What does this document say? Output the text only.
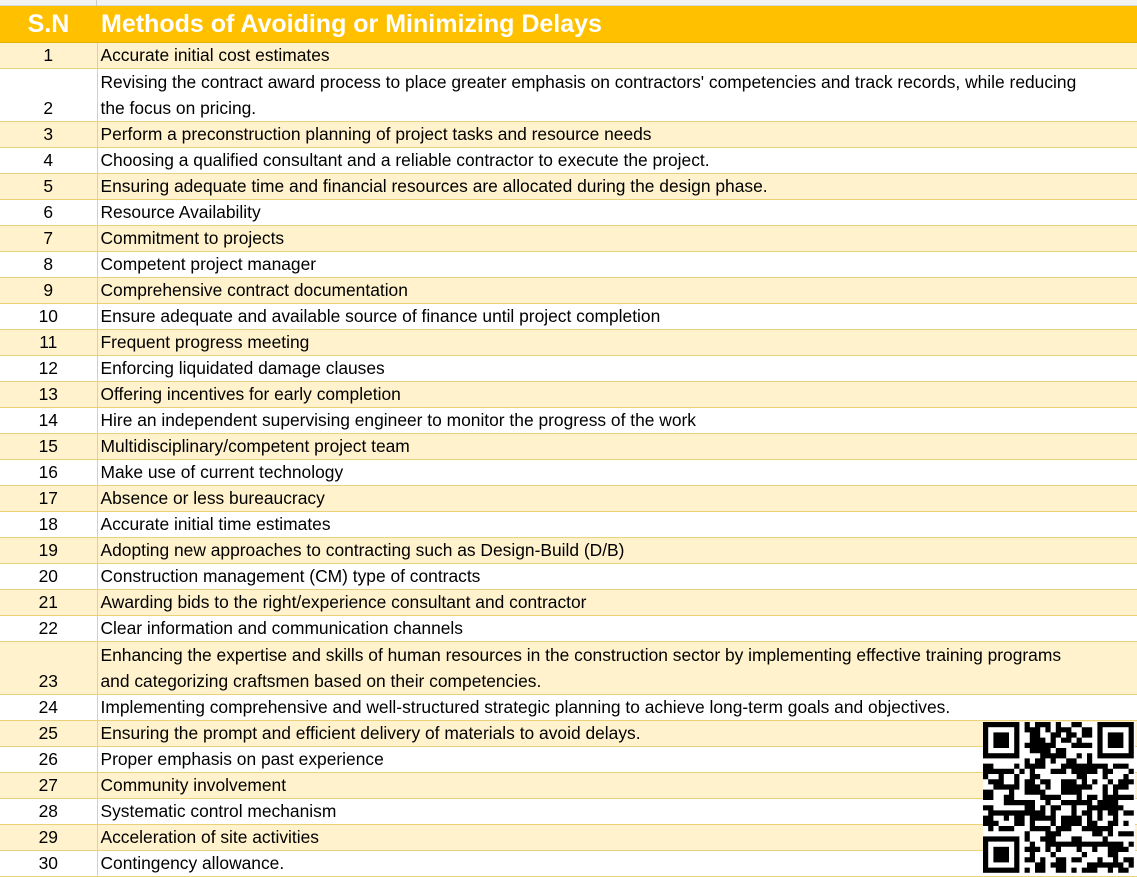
S.N	Methods of Avoiding or Minimizing Delays
1	Accurate initial cost estimates
2	Revising the contract award process to place greater emphasis on contractors' competencies and track records, while reducing the focus on pricing.
3	Perform a preconstruction planning of project tasks and resource needs
4	Choosing a qualified consultant and a reliable contractor to execute the project.
5	Ensuring adequate time and financial resources are allocated during the design phase.
6	Resource Availability
7	Commitment to projects
8	Competent project manager
9	Comprehensive contract documentation
10	Ensure adequate and available source of finance until project completion
11	Frequent progress meeting
12	Enforcing liquidated damage clauses
13	Offering incentives for early completion
14	Hire an independent supervising engineer to monitor the progress of the work
15	Multidisciplinary/competent project team
16	Make use of current technology
17	Absence or less bureaucracy
18	Accurate initial time estimates
19	Adopting new approaches to contracting such as Design-Build (D/B)
20	Construction management (CM) type of contracts
21	Awarding bids to the right/experience consultant and contractor
22	Clear information and communication channels
23	Enhancing the expertise and skills of human resources in the construction sector by implementing effective training programs and categorizing craftsmen based on their competencies.
24	Implementing comprehensive and well-structured strategic planning to achieve long-term goals and objectives.
25	Ensuring the prompt and efficient delivery of materials to avoid delays.
26	Proper emphasis on past experience
27	Community involvement
28	Systematic control mechanism
29	Acceleration of site activities
30	Contingency allowance.
